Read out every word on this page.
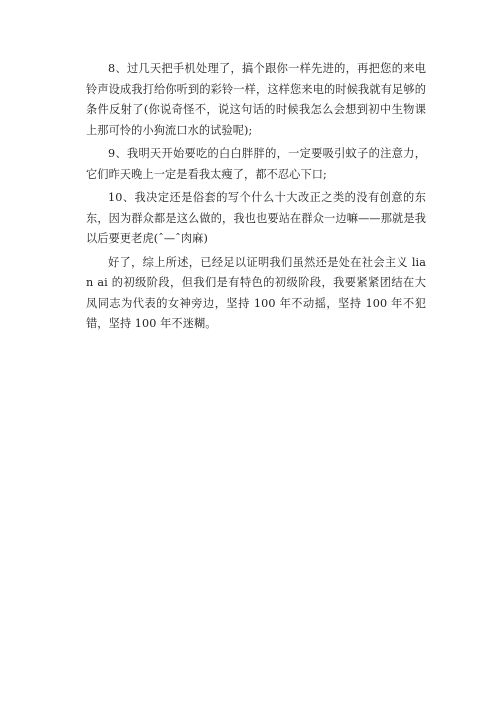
8、过几天把手机处理了，搞个跟你一样先进的，再把您的来电铃声设成我打给你听到的彩铃一样，这样您来电的时候我就有足够的条件反射了(你说奇怪不，说这句话的时候我怎么会想到初中生物课上那可怜的小狗流口水的试验呢);

9、我明天开始要吃的白白胖胖的，一定要吸引蚊子的注意力，它们昨天晚上一定是看我太瘦了，都不忍心下口;

10、我决定还是俗套的写个什么十大改正之类的没有创意的东东，因为群众都是这么做的，我也也要站在群众一边嘛——那就是我以后要更老虎(ˆ—ˆ肉麻)

好了，综上所述，已经足以证明我们虽然还是处在社会主义 lian ai 的初级阶段，但我们是有特色的初级阶段，我要紧紧团结在大凤同志为代表的女神旁边，坚持 100 年不动摇，坚持 100 年不犯错，坚持 100 年不迷糊。
